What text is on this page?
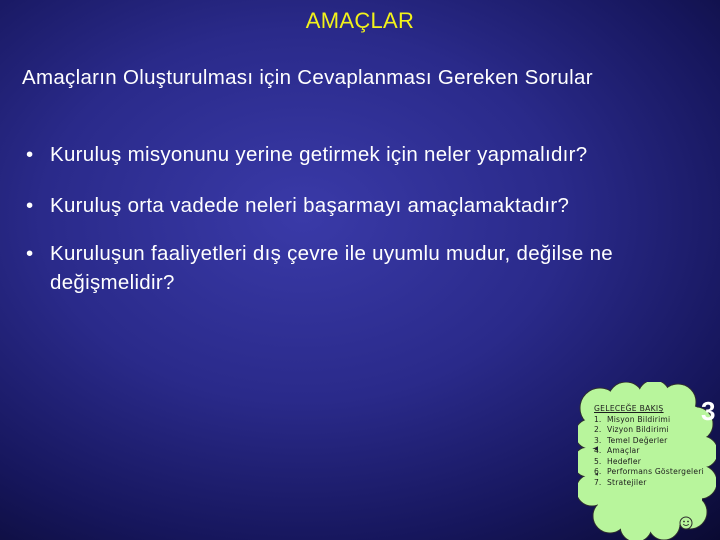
AMAÇLAR
Amaçların Oluşturulması için Cevaplanması Gereken Sorular
• Kuruluş misyonunu yerine getirmek için neler yapmalıdır?
• Kuruluş orta vadede neleri başarmayı amaçlamaktadır?
• Kuruluşun faaliyetleri dış çevre ile uyumlu mudur, değilse ne değişmelidir?
GELECEĞE BAKIŞ
1. Misyon Bildirimi
2. Vizyon Bildirimi
3. Temel Değerler
4. Amaçlar
5. Hedefler
6. Performans Göstergeleri
7. Stratejiler
3
